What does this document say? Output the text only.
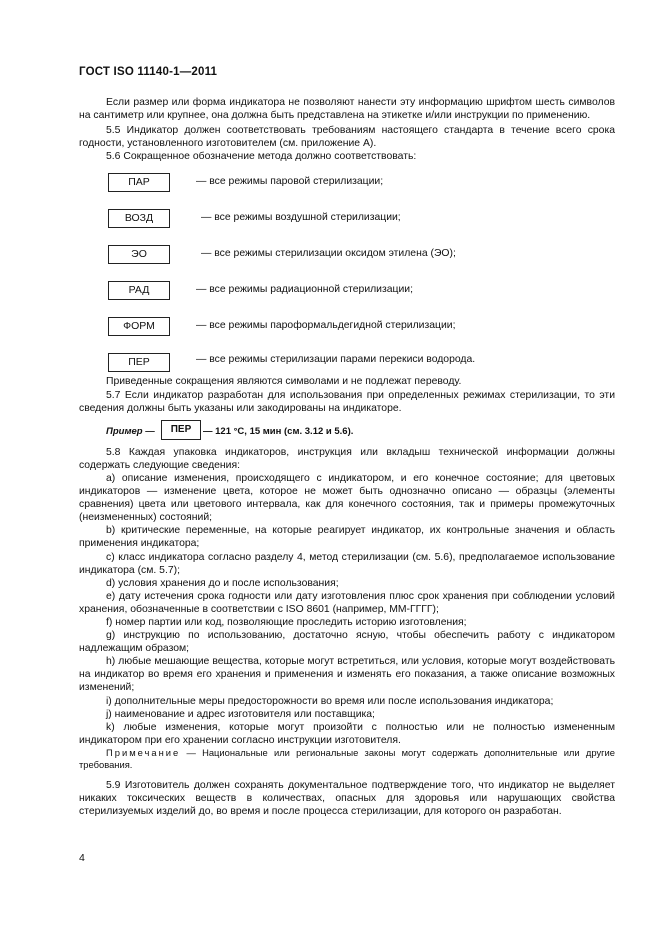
ГОСТ ISO 11140-1—2011

Если размер или форма индикатора не позволяют нанести эту информацию шрифтом шесть символов на сантиметр или крупнее, она должна быть представлена на этикетке и/или инструкции по применению.

5.5 Индикатор должен соответствовать требованиям настоящего стандарта в течение всего срока годности, установленного изготовителем (см. приложение А).

5.6 Сокращенное обозначение метода должно соответствовать:

ПАР	— все режимы паровой стерилизации;
ВОЗД	— все режимы воздушной стерилизации;
ЭО	— все режимы стерилизации оксидом этилена (ЭО);
РАД	— все режимы радиационной стерилизации;
ФОРМ	— все режимы пароформальдегидной стерилизации;
ПЕР	— все режимы стерилизации парами перекиси водорода.

Приведенные сокращения являются символами и не подлежат переводу.

5.7 Если индикатор разработан для использования при определенных режимах стерилизации, то эти сведения должны быть указаны или закодированы на индикаторе.

Пример —	ПЕР	— 121 °С, 15 мин (см. 3.12 и 5.6).

5.8 Каждая упаковка индикаторов, инструкция или вкладыш технической информации должны содержать следующие сведения:

a) описание изменения, происходящего с индикатором, и его конечное состояние; для цветовых индикаторов — изменение цвета, которое не может быть однозначно описано — образцы (элементы сравнения) цвета или цветового интервала, как для конечного состояния, так и примеры промежуточных (неизмененных) состояний;

b) критические переменные, на которые реагирует индикатор, их контрольные значения и область применения индикатора;

c) класс индикатора согласно разделу 4, метод стерилизации (см. 5.6), предполагаемое использование индикатора (см. 5.7);

d) условия хранения до и после использования;

e) дату истечения срока годности или дату изготовления плюс срок хранения при соблюдении условий хранения, обозначенные в соответствии с ISO 8601 (например, ММ-ГГГГ);

f) номер партии или код, позволяющие проследить историю изготовления;

g) инструкцию по использованию, достаточно ясную, чтобы обеспечить работу с индикатором надлежащим образом;

h) любые мешающие вещества, которые могут встретиться, или условия, которые могут воздействовать на индикатор во время его хранения и применения и изменять его показания, а также описание возможных изменений;

i) дополнительные меры предосторожности во время или после использования индикатора;

j) наименование и адрес изготовителя или поставщика;

k) любые изменения, которые могут произойти с полностью или не полностью измененным индикатором при его хранении согласно инструкции изготовителя.

Примечание — Национальные или региональные законы могут содержать дополнительные или другие требования.

5.9 Изготовитель должен сохранять документальное подтверждение того, что индикатор не выделяет никаких токсических веществ в количествах, опасных для здоровья или нарушающих свойства стерилизуемых изделий до, во время и после процесса стерилизации, для которого он разработан.

4
